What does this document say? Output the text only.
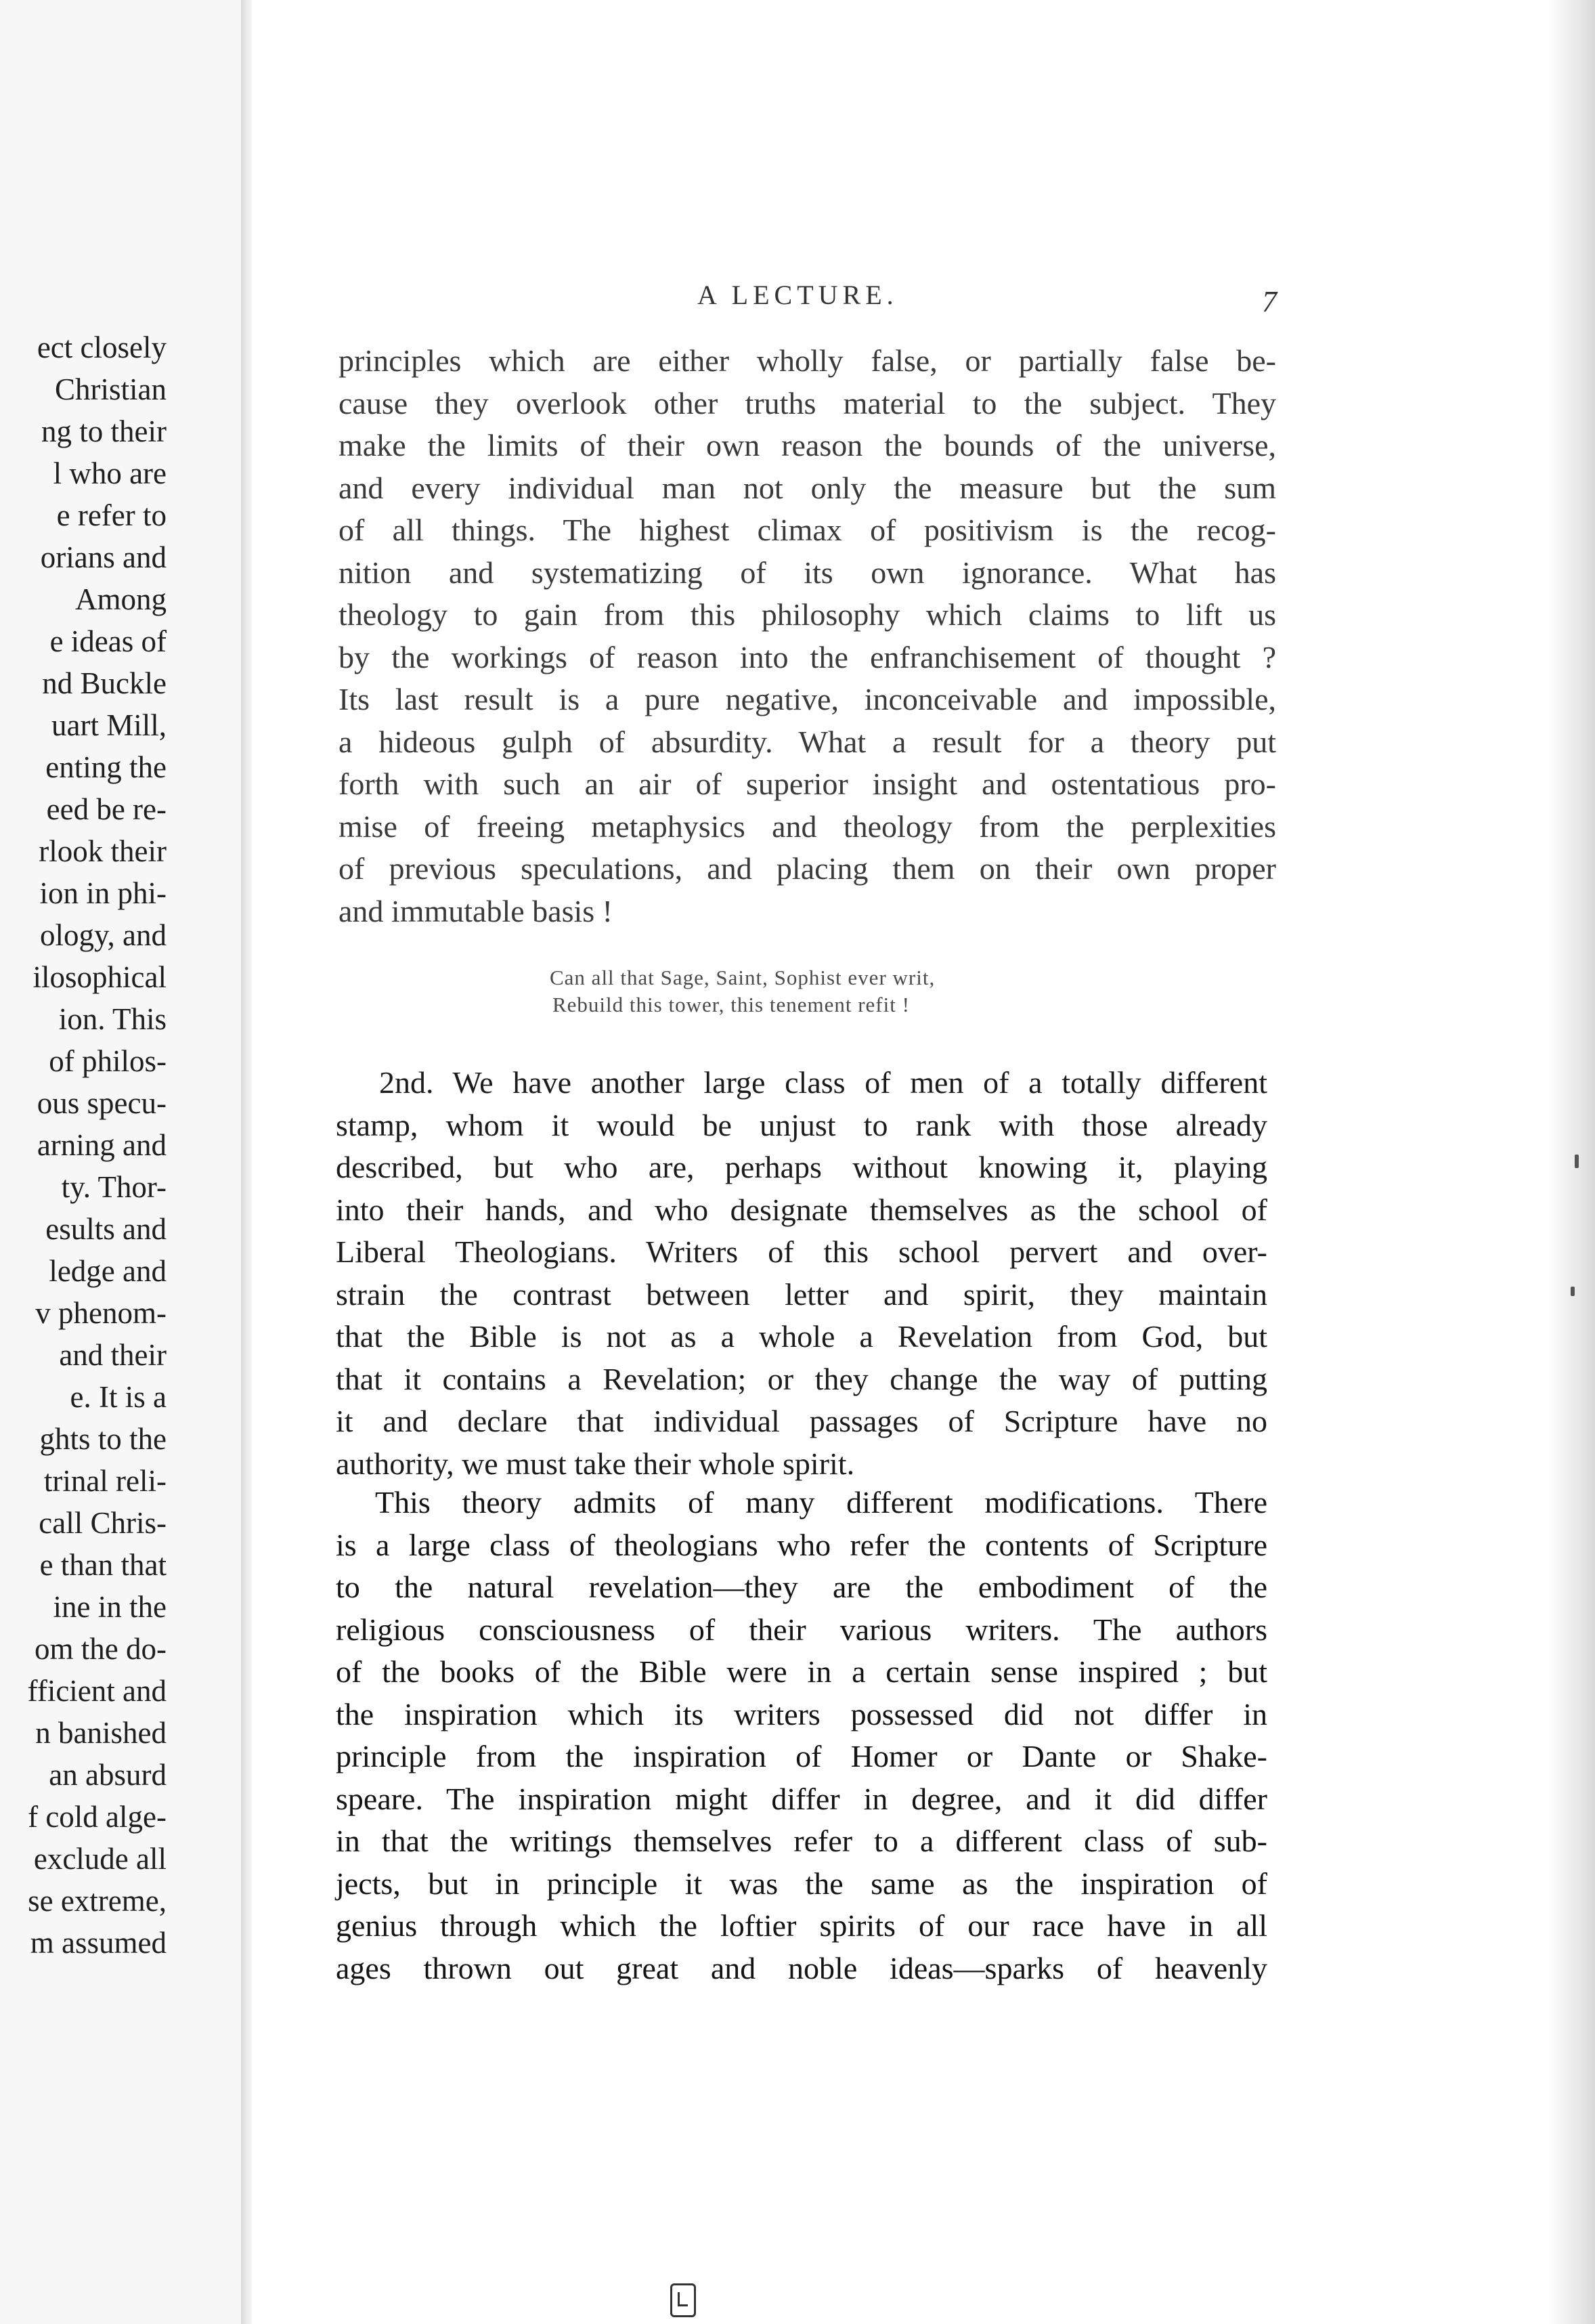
ect closely
Christian
ng to their
l who are
e refer to
orians and
Among
e ideas of
nd Buckle
uart Mill,
enting the
eed be re-
rlook their
ion in phi-
ology, and
ilosophical
ion. This
of philos-
ous specu-
arning and
ty. Thor-
esults and
ledge and
v phenom-
and their
e. It is a
ghts to the
trinal reli-
call Chris-
e than that
ine in the
om the do-
fficient and
n banished
an absurd
f cold alge-
exclude all
se extreme,
m assumed
A LECTURE.	7
principles which are either wholly false, or partially false be-
cause they overlook other truths material to the subject. They
make the limits of their own reason the bounds of the universe,
and every individual man not only the measure but the sum
of all things. The highest climax of positivism is the recog-
nition and systematizing of its own ignorance. What has
theology to gain from this philosophy which claims to lift us
by the workings of reason into the enfranchisement of thought ?
Its last result is a pure negative, inconceivable and impossible,
a hideous gulph of absurdity. What a result for a theory put
forth with such an air of superior insight and ostentatious pro-
mise of freeing metaphysics and theology from the perplexities
of previous speculations, and placing them on their own proper
and immutable basis !
Can all that Sage, Saint, Sophist ever writ,
Rebuild this tower, this tenement refit !
2nd. We have another large class of men of a totally different
stamp, whom it would be unjust to rank with those already
described, but who are, perhaps without knowing it, playing
into their hands, and who designate themselves as the school of
Liberal Theologians. Writers of this school pervert and over-
strain the contrast between letter and spirit, they maintain
that the Bible is not as a whole a Revelation from God, but
that it contains a Revelation; or they change the way of putting
it and declare that individual passages of Scripture have no
authority, we must take their whole spirit.
This theory admits of many different modifications. There
is a large class of theologians who refer the contents of Scripture
to the natural revelation—they are the embodiment of the
religious consciousness of their various writers. The authors
of the books of the Bible were in a certain sense inspired ; but
the inspiration which its writers possessed did not differ in
principle from the inspiration of Homer or Dante or Shake-
speare. The inspiration might differ in degree, and it did differ
in that the writings themselves refer to a different class of sub-
jects, but in principle it was the same as the inspiration of
genius through which the loftier spirits of our race have in all
ages thrown out great and noble ideas—sparks of heavenly
